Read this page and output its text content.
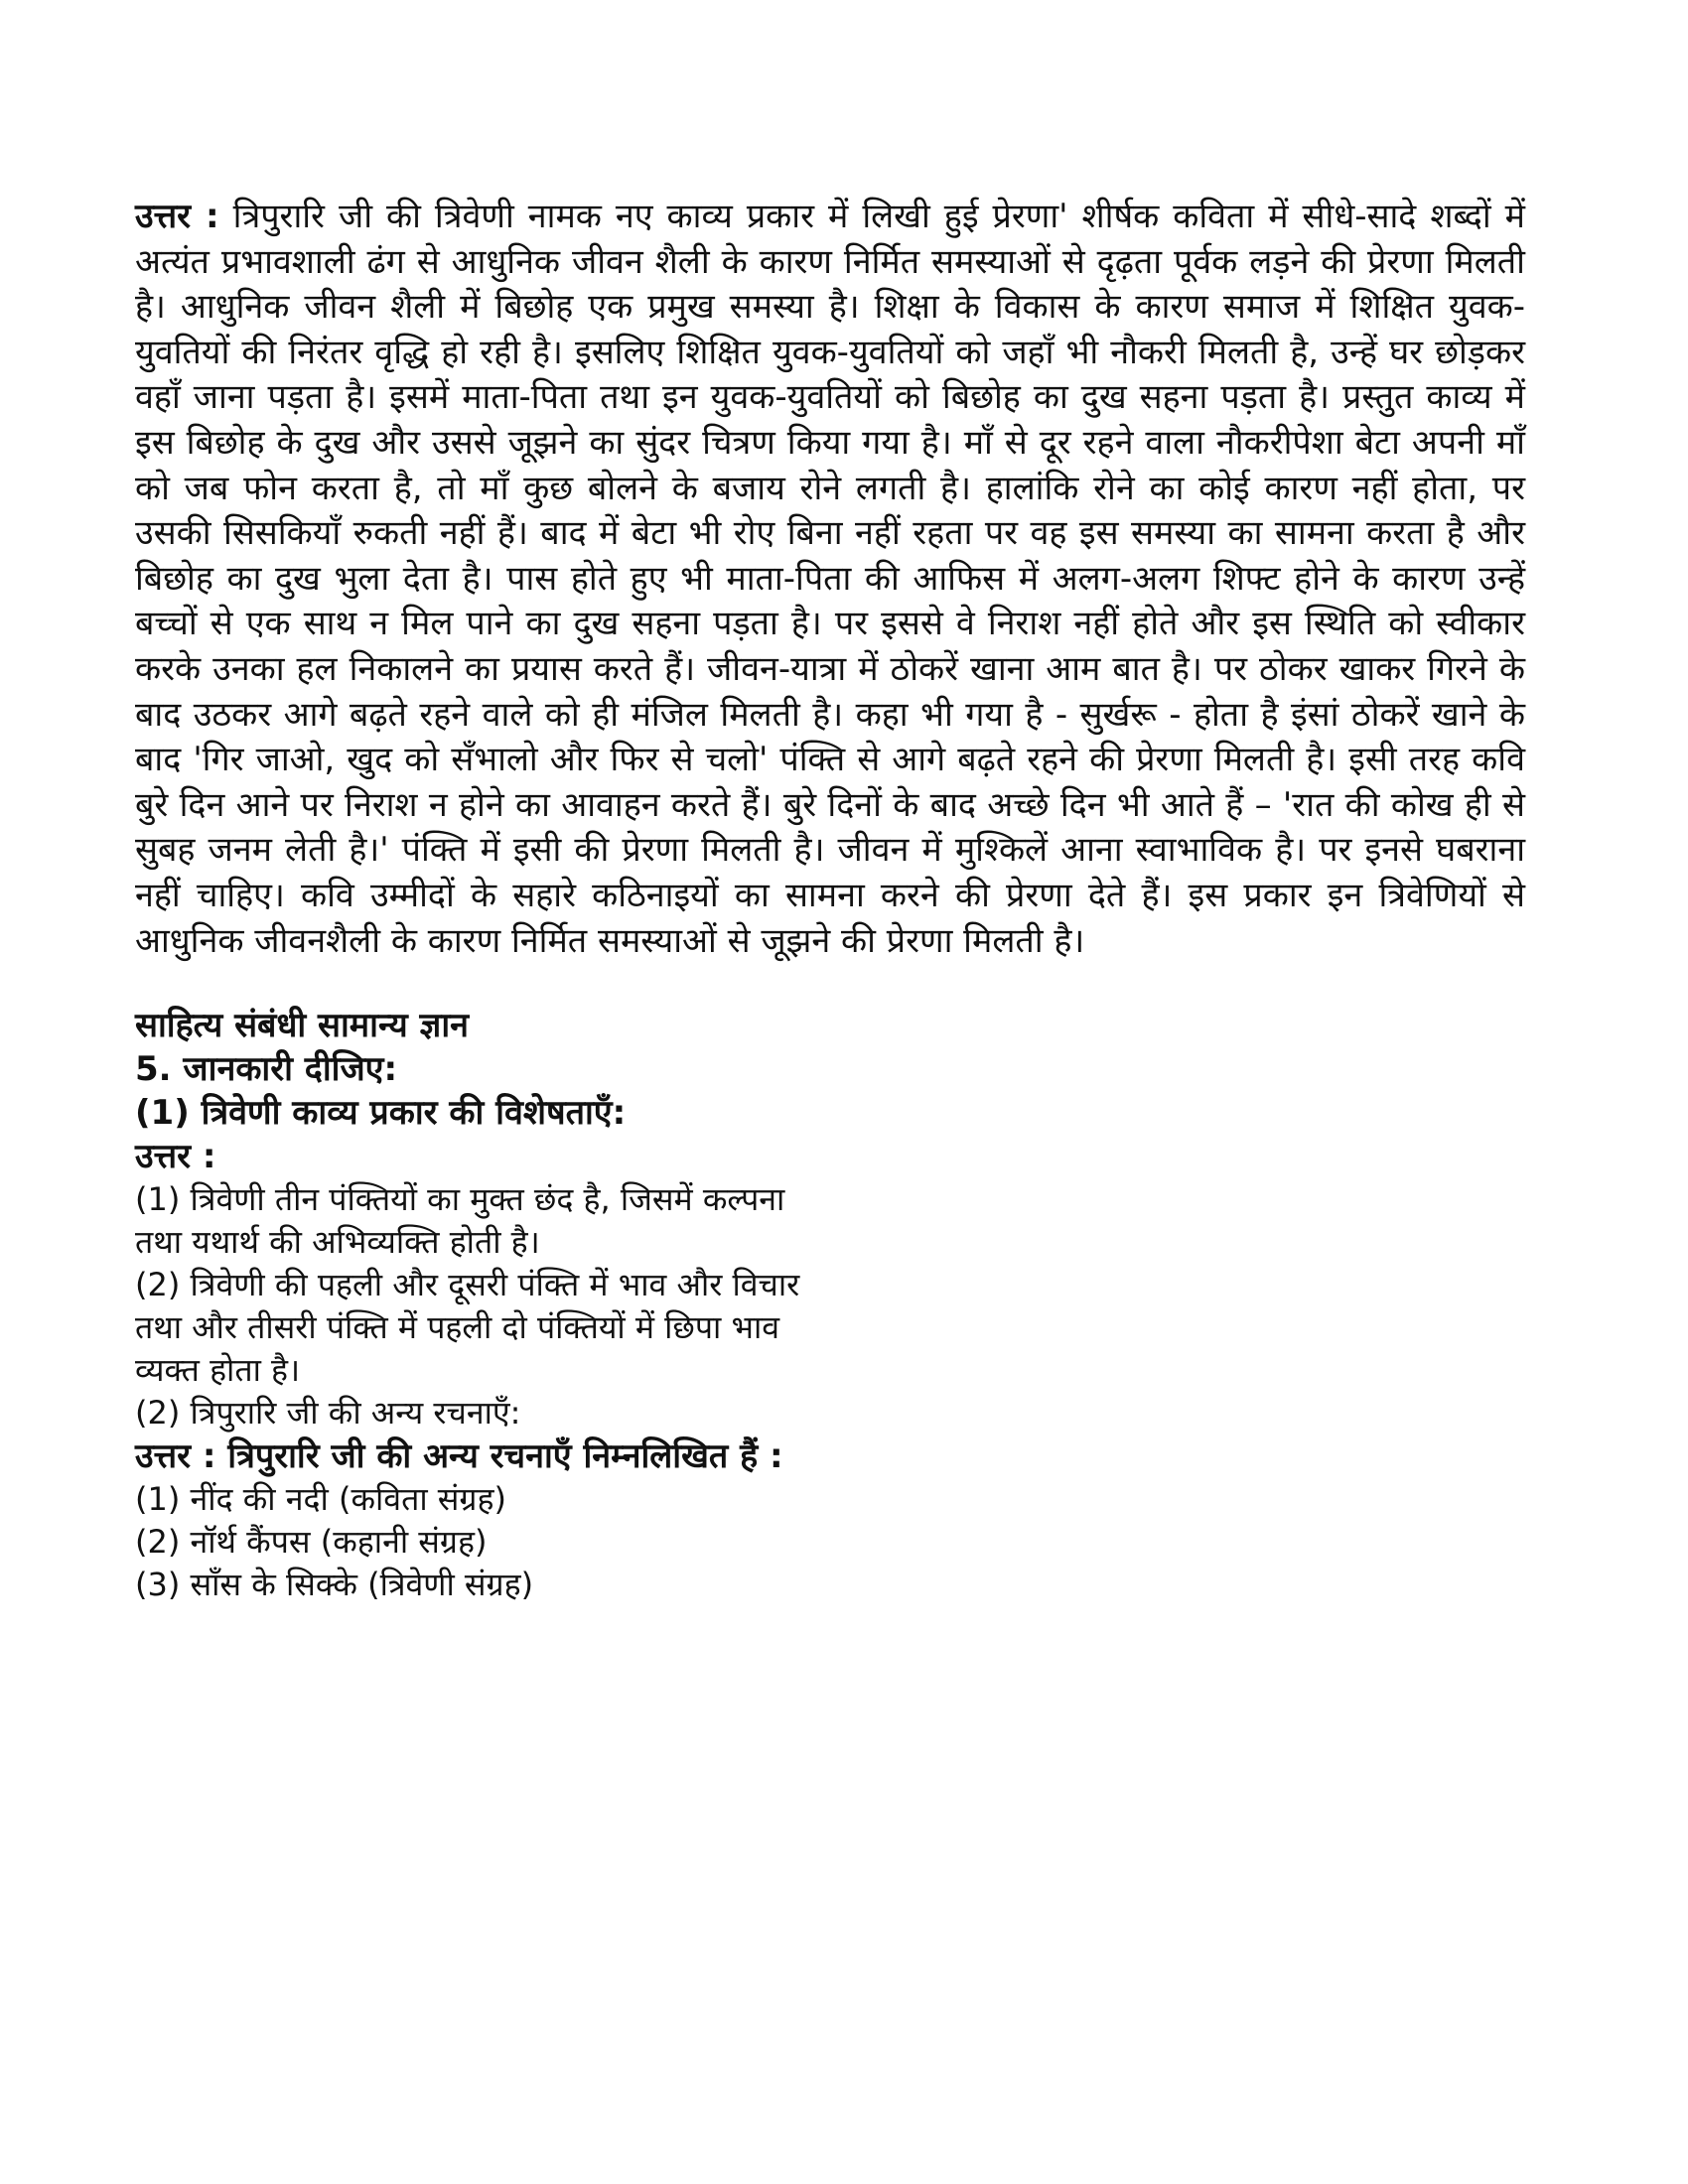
उत्तर : त्रिपुरारि जी की त्रिवेणी नामक नए काव्य प्रकार में लिखी हुई प्रेरणा' शीर्षक कविता में सीधे-सादे शब्दों में अत्यंत प्रभावशाली ढंग से आधुनिक जीवन शैली के कारण निर्मित समस्याओं से दृढ़ता पूर्वक लड़ने की प्रेरणा मिलती है। आधुनिक जीवन शैली में बिछोह एक प्रमुख समस्या है। शिक्षा के विकास के कारण समाज में शिक्षित युवक-युवतियों की निरंतर वृद्धि हो रही है। इसलिए शिक्षित युवक-युवतियों को जहाँ भी नौकरी मिलती है, उन्हें घर छोड़कर वहाँ जाना पड़ता है। इसमें माता-पिता तथा इन युवक-युवतियों को बिछोह का दुख सहना पड़ता है। प्रस्तुत काव्य में इस बिछोह के दुख और उससे जूझने का सुंदर चित्रण किया गया है। माँ से दूर रहने वाला नौकरीपेशा बेटा अपनी माँ को जब फोन करता है, तो माँ कुछ बोलने के बजाय रोने लगती है। हालांकि रोने का कोई कारण नहीं होता, पर उसकी सिसकियाँ रुकती नहीं हैं। बाद में बेटा भी रोए बिना नहीं रहता पर वह इस समस्या का सामना करता है और बिछोह का दुख भुला देता है। पास होते हुए भी माता-पिता की आफिस में अलग-अलग शिफ्ट होने के कारण उन्हें बच्चों से एक साथ न मिल पाने का दुख सहना पड़ता है। पर इससे वे निराश नहीं होते और इस स्थिति को स्वीकार करके उनका हल निकालने का प्रयास करते हैं। जीवन-यात्रा में ठोकरें खाना आम बात है। पर ठोकर खाकर गिरने के बाद उठकर आगे बढ़ते रहने वाले को ही मंजिल मिलती है। कहा भी गया है - सुर्खरू - होता है इंसां ठोकरें खाने के बाद 'गिर जाओ, खुद को सँभालो और फिर से चलो' पंक्ति से आगे बढ़ते रहने की प्रेरणा मिलती है। इसी तरह कवि बुरे दिन आने पर निराश न होने का आवाहन करते हैं। बुरे दिनों के बाद अच्छे दिन भी आते हैं – 'रात की कोख ही से सुबह जनम लेती है।' पंक्ति में इसी की प्रेरणा मिलती है। जीवन में मुश्किलें आना स्वाभाविक है। पर इनसे घबराना नहीं चाहिए। कवि उम्मीदों के सहारे कठिनाइयों का सामना करने की प्रेरणा देते हैं। इस प्रकार इन त्रिवेणियों से आधुनिक जीवनशैली के कारण निर्मित समस्याओं से जूझने की प्रेरणा मिलती है।

साहित्य संबंधी सामान्य ज्ञान

5. जानकारी दीजिए:

(1) त्रिवेणी काव्य प्रकार की विशेषताएँ:

उत्तर :

(1) त्रिवेणी तीन पंक्तियों का मुक्त छंद है, जिसमें कल्पना

तथा यथार्थ की अभिव्यक्ति होती है।

(2) त्रिवेणी की पहली और दूसरी पंक्ति में भाव और विचार

तथा और तीसरी पंक्ति में पहली दो पंक्तियों में छिपा भाव

व्यक्त होता है।

(2) त्रिपुरारि जी की अन्य रचनाएँ:

उत्तर : त्रिपुरारि जी की अन्य रचनाएँ निम्नलिखित हैं :

(1) नींद की नदी (कविता संग्रह)

(2) नॉर्थ कैंपस (कहानी संग्रह)

(3) साँस के सिक्के (त्रिवेणी संग्रह)
